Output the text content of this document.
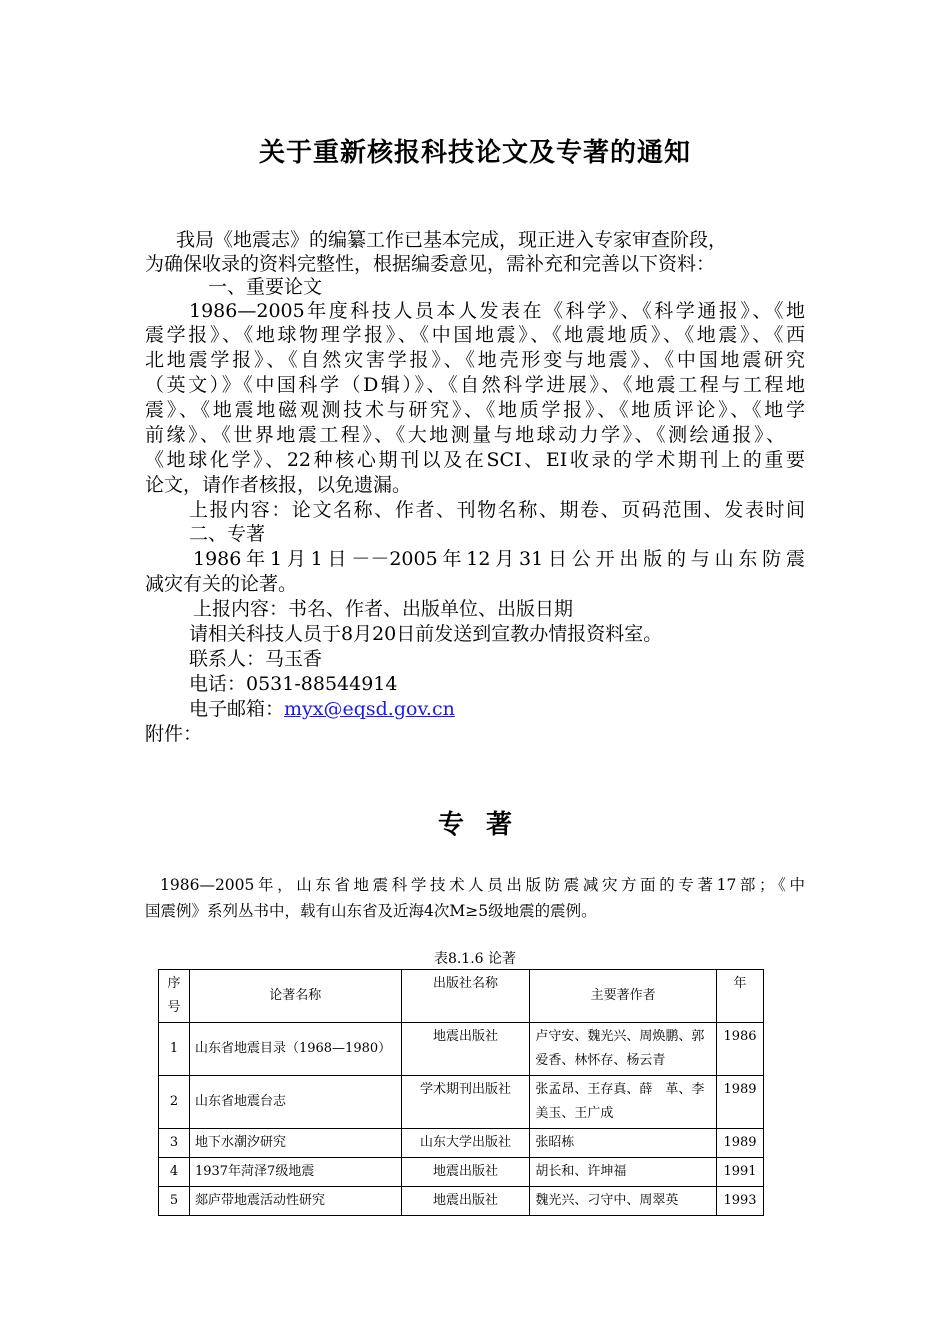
关于重新核报科技论文及专著的通知
我局《地震志》的编纂工作已基本完成，现正进入专家审查阶段，
为确保收录的资料完整性，根据编委意见，需补充和完善以下资料：
一、重要论文
1986—2005年度科技人员本人发表在《科学》、《科学通报》、《地
震学报》、《地球物理学报》、《中国地震》、《地震地质》、《地震》、《西
北地震学报》、《自然灾害学报》、《地壳形变与地震》、《中国地震研究
（英文）》《中国科学（D辑）》、《自然科学进展》、《地震工程与工程地
震》、《地震地磁观测技术与研究》、《地质学报》、《地质评论》、《地学
前缘》、《世界地震工程》、《大地测量与地球动力学》、《测绘通报》、
《地球化学》、22种核心期刊以及在SCI、EI收录的学术期刊上的重要
论文，请作者核报，以免遗漏。
上报内容：论文名称、作者、刊物名称、期卷、页码范围、发表时间
二、专著
1986年1月1日－－2005年12月31日公开出版的与山东防震
减灾有关的论著。
上报内容：书名、作者、出版单位、出版日期
请相关科技人员于8月20日前发送到宣教办情报资料室。
联系人：马玉香
电话：0531-88544914
电子邮箱：myx@eqsd.gov.cn
附件：
专著
1986—2005年，山东省地震科学技术人员出版防震减灾方面的专著17部；《中
国震例》系列丛书中，载有山东省及近海4次M≥5级地震的震例。
表8.1.6 论著
序
号	论著名称	出版社名称	主要著作者	年
1	山东省地震目录（1968—1980）	地震出版社	卢守安、魏光兴、周焕鹏、郭
爱香、林怀存、杨云青	1986
2	山东省地震台志	学术期刊出版社	张孟昂、王存真、薛　革、李
美玉、王广成	1989
3	地下水潮汐研究	山东大学出版社	张昭栋	1989
4	1937年菏泽7级地震	地震出版社	胡长和、许坤福	1991
5	郯庐带地震活动性研究	地震出版社	魏光兴、刁守中、周翠英	1993
